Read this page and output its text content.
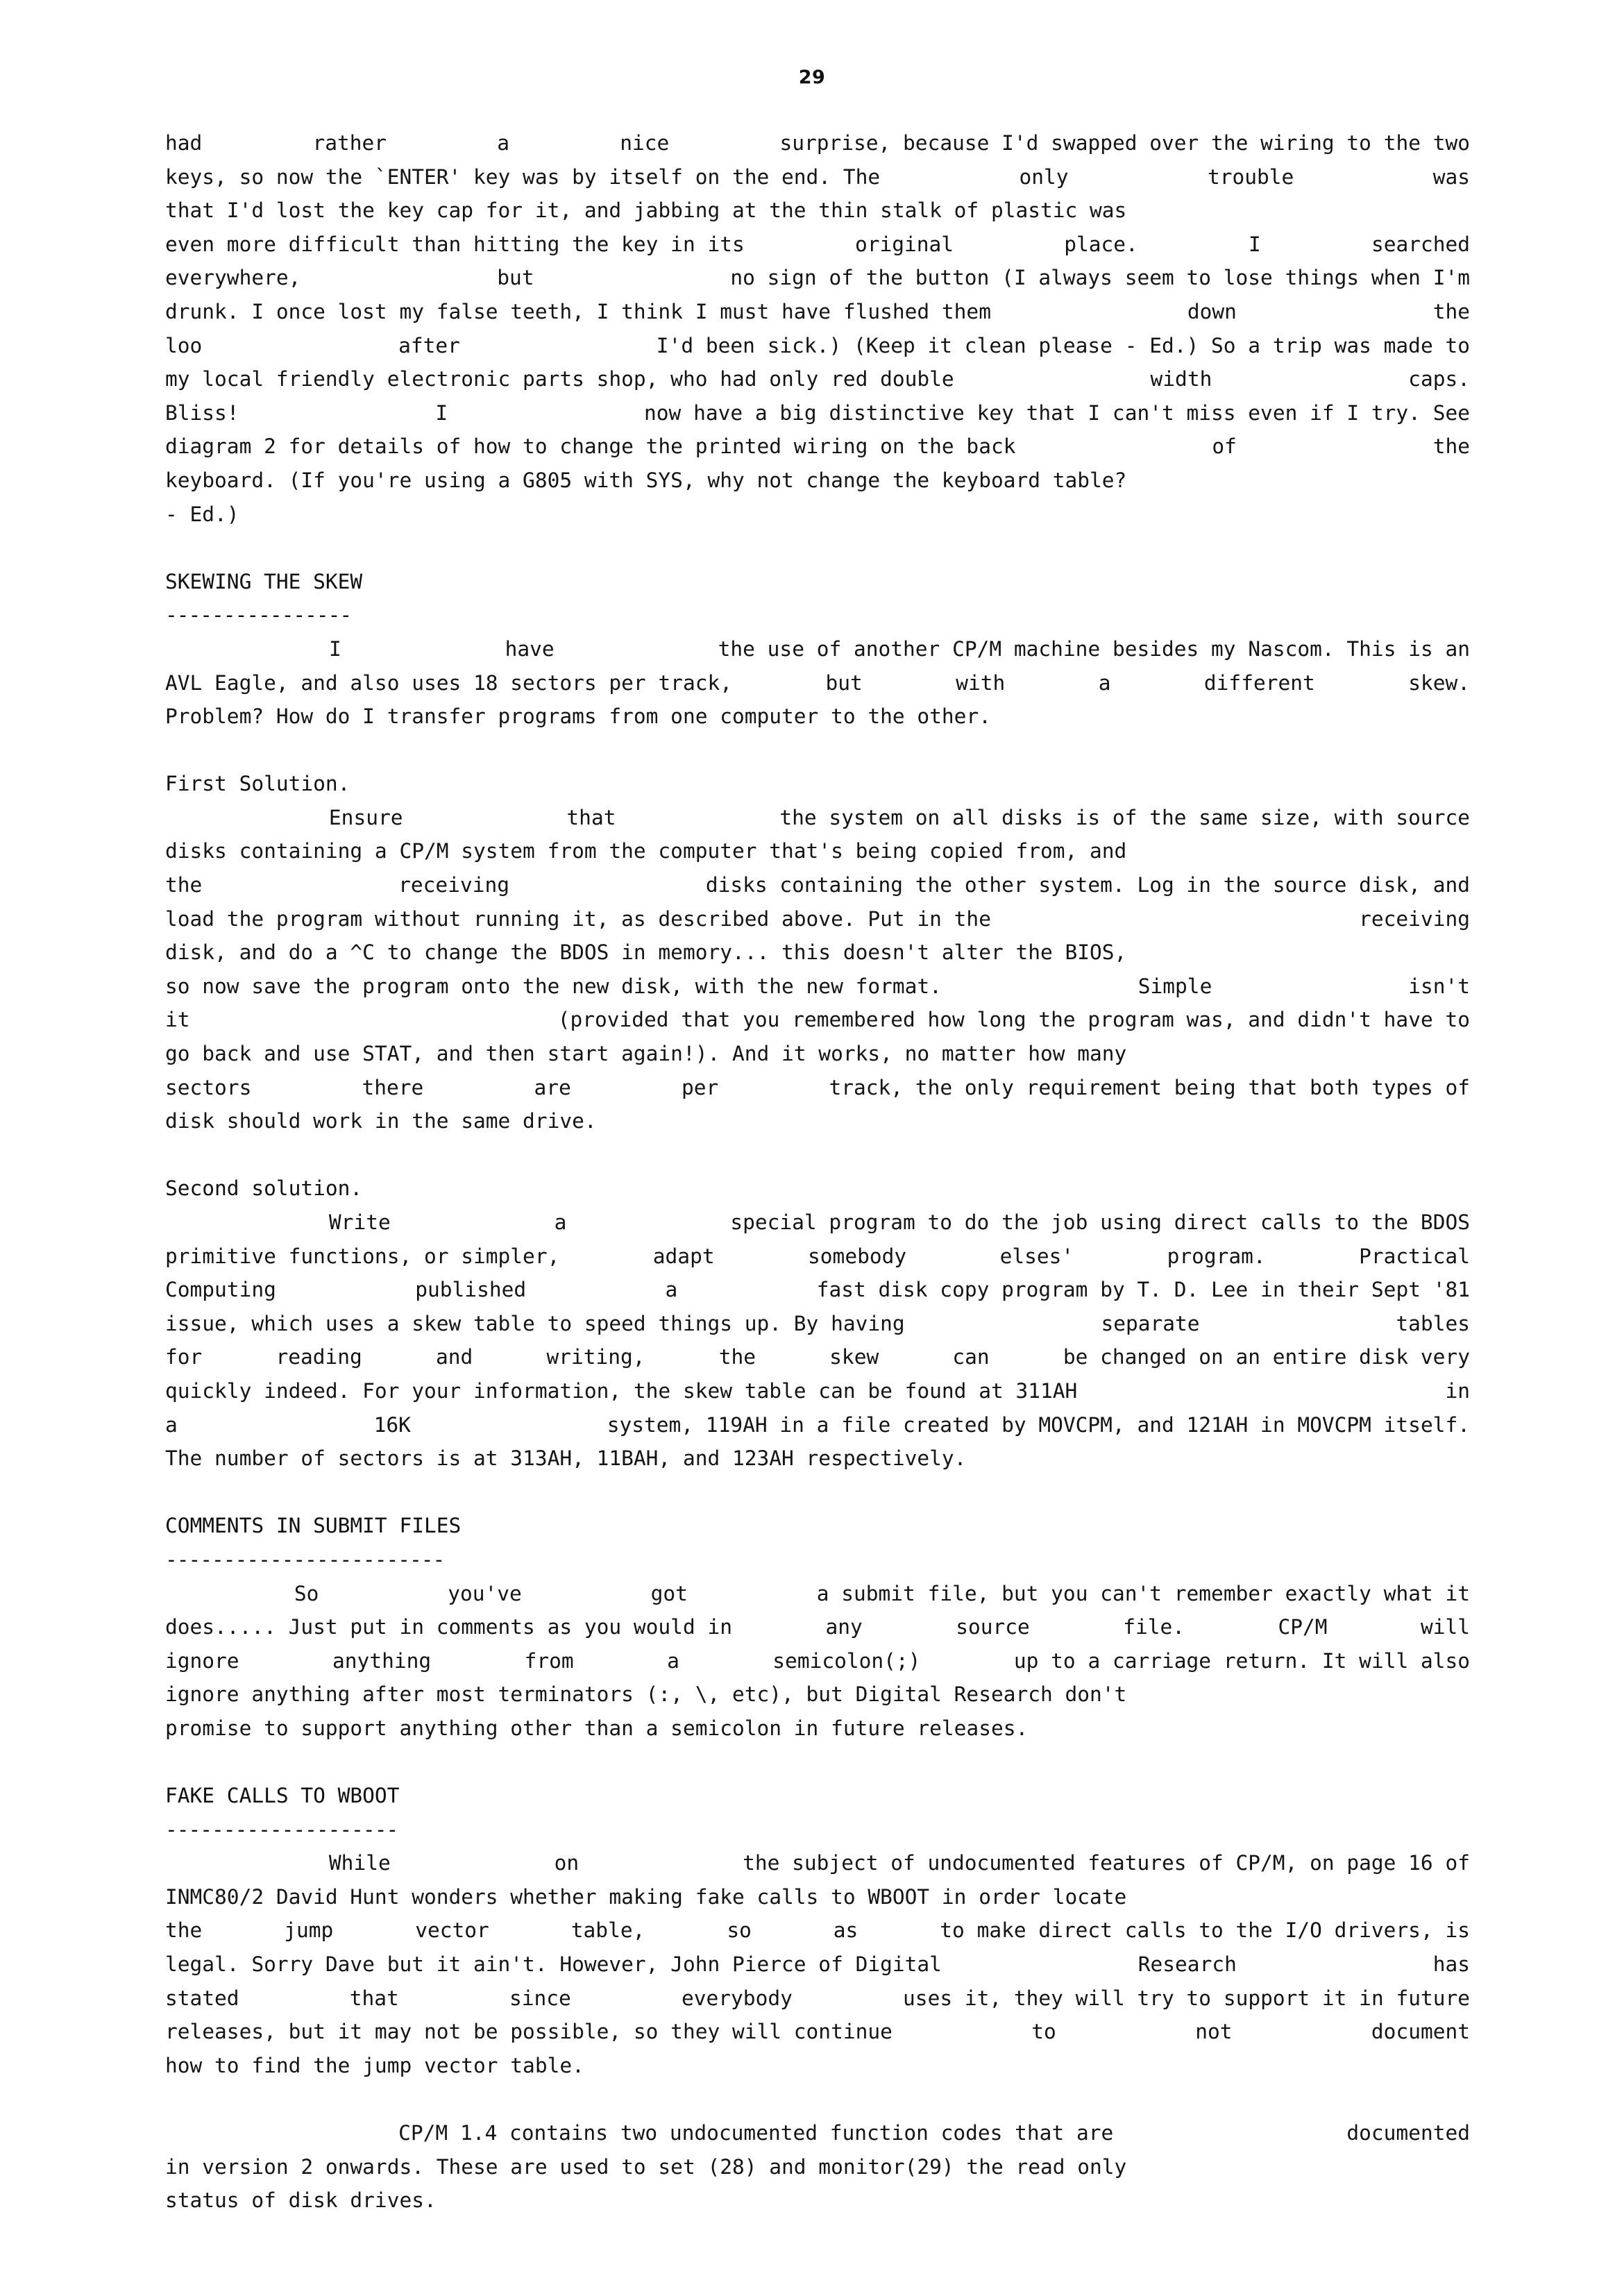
29
had
	rather
	a
	nice
	surprise, because I'd swapped over the wiring to the two
keys, so now the `ENTER' key was by itself on the end. The
	only
	trouble
	was
that I'd lost the key cap for it, and jabbing at the thin stalk of plastic was
even more difficult than hitting the key in its
	original
	place.
	I
	searched
everywhere,
	but
	no sign of the button (I always seem to lose things when I'm
drunk. I once lost my false teeth, I think I must have flushed them
	down
	the
loo
	after
	I'd been sick.) (Keep it clean please - Ed.) So a trip was made to
my local friendly electronic parts shop, who had only red double
	width
	caps.
Bliss!
	I
	now have a big distinctive key that I can't miss even if I try. See
diagram 2 for details of how to change the printed wiring on the back
	of
	the
keyboard. (If you're using a G805 with SYS, why not change the keyboard table?
- Ed.)
SKEWING THE SKEW
----------------

I
	have
	the use of another CP/M machine besides my Nascom. This is an
AVL Eagle, and also uses 18 sectors per track,
	but
	with
	a
	different
	skew.
Problem? How do I transfer programs from one computer to the other.
First Solution.

Ensure
	that
	the system on all disks is of the same size, with source
disks containing a CP/M system from the computer that's being copied from, and
the
	receiving
	disks containing the other system. Log in the source disk, and
load the program without running it, as described above. Put in the
	receiving
disk, and do a ^C to change the BDOS in memory... this doesn't alter the BIOS,
so now save the program onto the new disk, with the new format.
	Simple
	isn't
it
	(provided that you remembered how long the program was, and didn't have to
go back and use STAT, and then start again!). And it works, no matter how many
sectors
	there
	are
	per
	track, the only requirement being that both types of
disk should work in the same drive.
Second solution.

Write
	a
	special program to do the job using direct calls to the BDOS
primitive functions, or simpler,
	adapt
	somebody
	elses'
	program.
	Practical
Computing
	published
	a
	fast disk copy program by T. D. Lee in their Sept '81
issue, which uses a skew table to speed things up. By having
	separate
	tables
for
	reading
	and
	writing,
	the
	skew
	can
	be changed on an entire disk very
quickly indeed. For your information, the skew table can be found at 311AH
	in
a
	16K
	system, 119AH in a file created by MOVCPM, and 121AH in MOVCPM itself.
The number of sectors is at 313AH, 11BAH, and 123AH respectively.
COMMENTS IN SUBMIT FILES
------------------------

So
	you've
	got
	a submit file, but you can't remember exactly what it
does..... Just put in comments as you would in
	any
	source
	file.
	CP/M
	will
ignore
	anything
	from
	a
	semicolon(;)
	up to a carriage return. It will also
ignore anything after most terminators (:, \, etc), but Digital Research don't
promise to support anything other than a semicolon in future releases.
FAKE CALLS TO WBOOT
--------------------

While
	on
	the subject of undocumented features of CP/M, on page 16 of
INMC80/2 David Hunt wonders whether making fake calls to WBOOT in order locate
the
	jump
	vector
	table,
	so
	as
	to make direct calls to the I/O drivers, is
legal. Sorry Dave but it ain't. However, John Pierce of Digital
	Research
	has
stated
	that
	since
	everybody
	uses it, they will try to support it in future
releases, but it may not be possible, so they will continue
	to
	not
	document
how to find the jump vector table.

CP/M 1.4 contains two undocumented function codes that are
	documented
in version 2 onwards. These are used to set (28) and monitor(29) the read only
status of disk drives.
